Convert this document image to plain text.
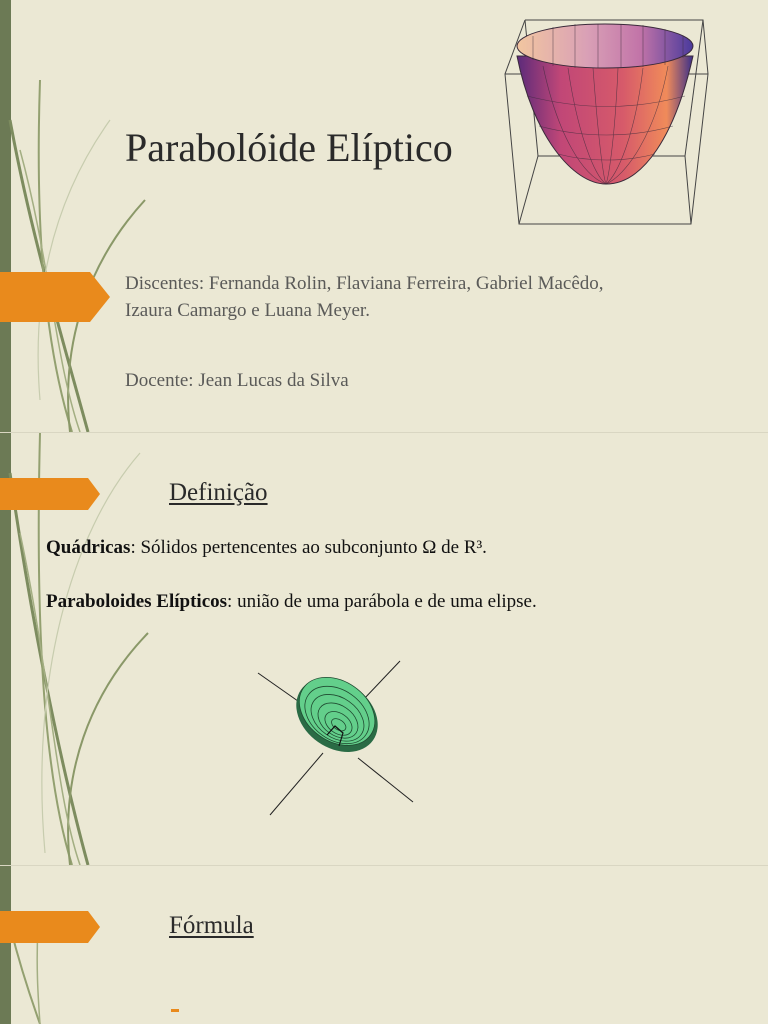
Parabolóide Elíptico
Discentes: Fernanda Rolin, Flaviana Ferreira, Gabriel Macêdo,
Izaura Camargo e Luana Meyer.
Docente: Jean Lucas da Silva
Definição
Quádricas: Sólidos pertencentes ao subconjunto Ω de R³.
Paraboloides Elípticos: união de uma parábola e de uma elipse.
Fórmula
